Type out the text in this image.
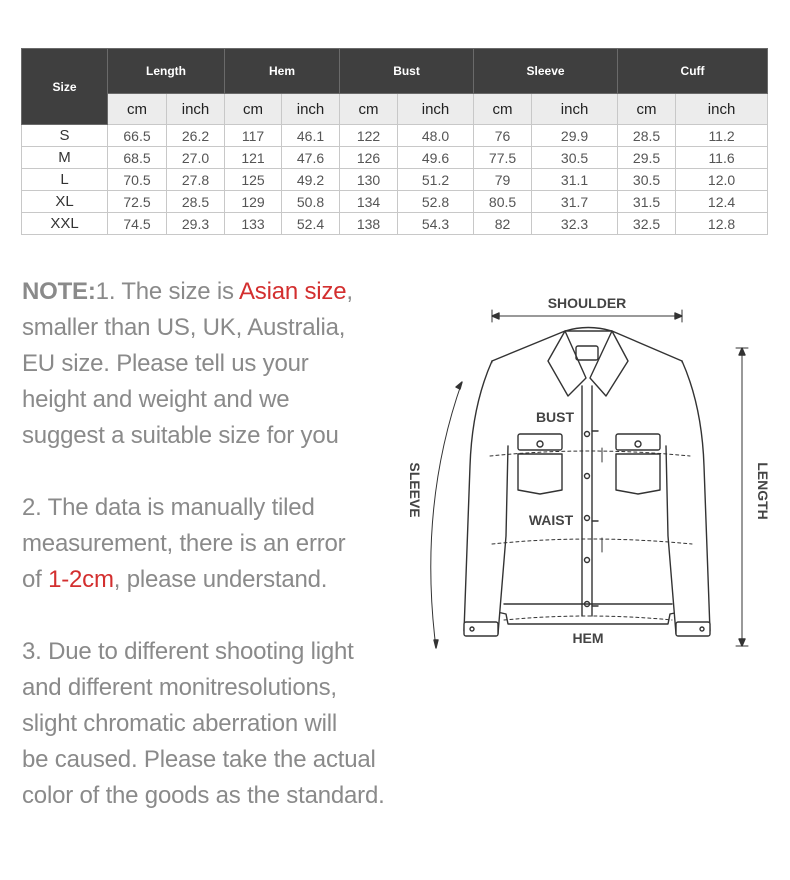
Size	Length		Hem		Bust		Sleeve		Cuff	
	cm	inch	cm	inch	cm	inch	cm	inch	cm	inch
S	66.5	26.2	117	46.1	122	48.0	76	29.9	28.5	11.2
M	68.5	27.0	121	47.6	126	49.6	77.5	30.5	29.5	11.6
L	70.5	27.8	125	49.2	130	51.2	79	31.1	30.5	12.0
XL	72.5	28.5	129	50.8	134	52.8	80.5	31.7	31.5	12.4
XXL	74.5	29.3	133	52.4	138	54.3	82	32.3	32.5	12.8

NOTE:1. The size is Asian size,

smaller than US, UK, Australia,

EU size. Please tell us your

height and weight and we

suggest a suitable size for you

2. The data is manually tiled

measurement, there is an error

of 1-2cm, please understand.

3. Due to different shooting light

and different monitresolutions,

slight chromatic aberration will

be caused. Please take the actual

color of the goods as the standard.

SHOULDER
BUST
WAIST
HEM
SLEEVE	LENGTH
